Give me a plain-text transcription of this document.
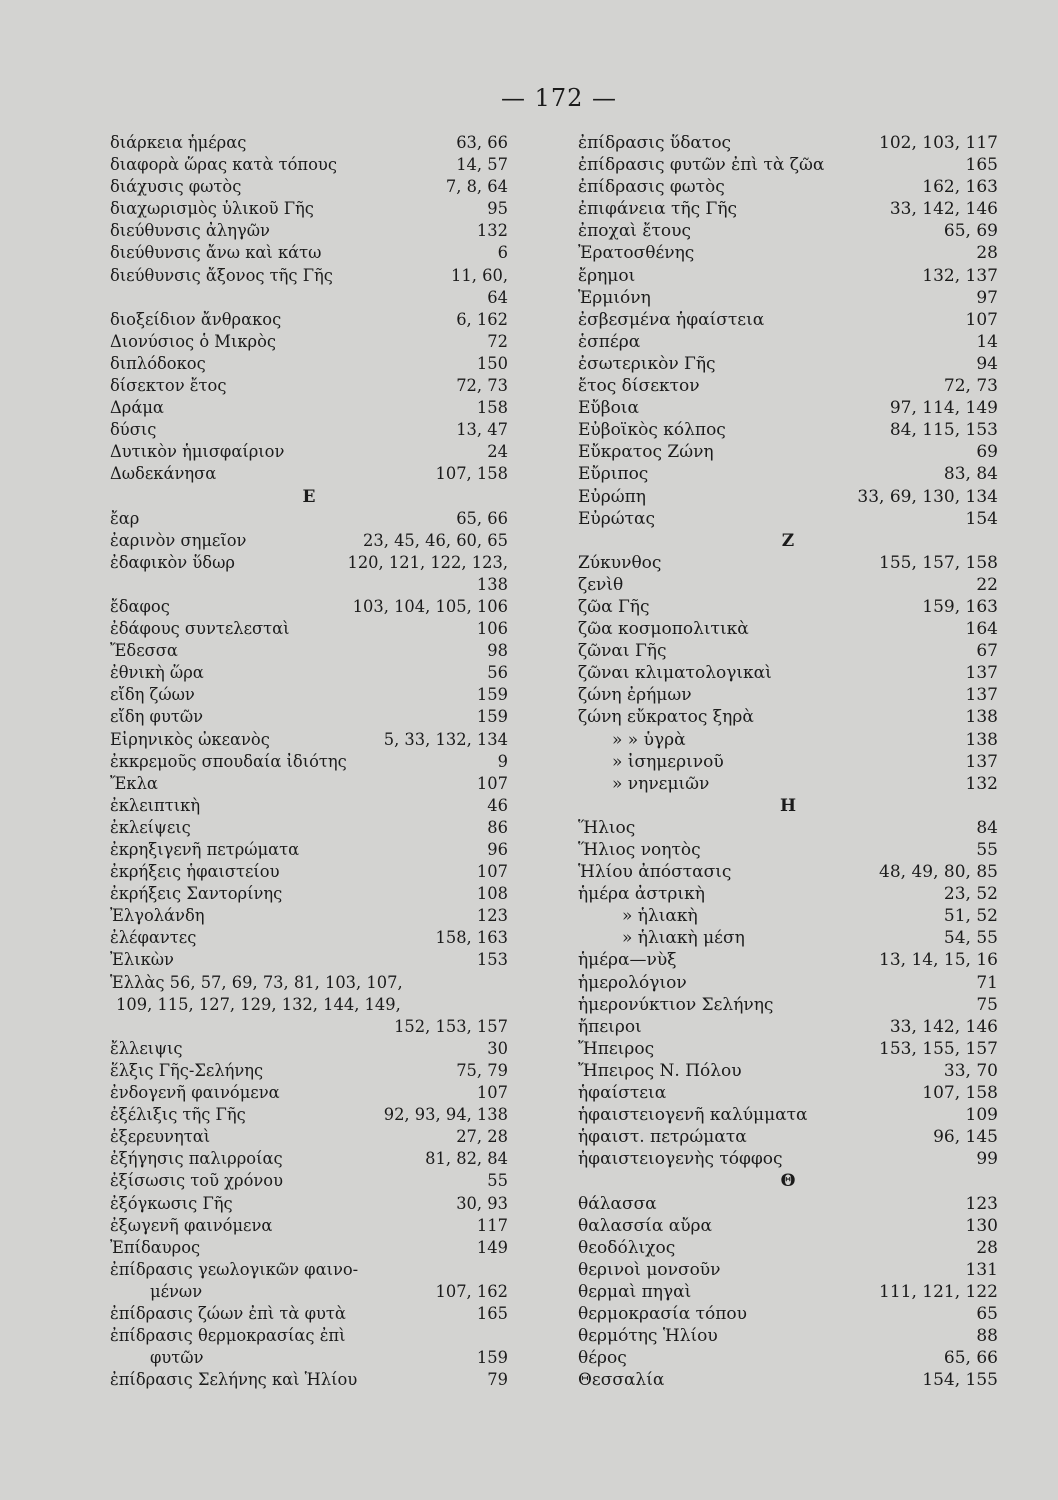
— 172 —
διάρκεια ἡμέρας	63, 66
διαφορὰ ὥρας κατὰ τόπους	14, 57
διάχυσις φωτὸς	7, 8, 64
διαχωρισμὸς ὑλικοῦ Γῆς	95
διεύθυνσις ἀληγῶν	132
διεύθυνσις ἄνω καὶ κάτω	6
διεύθυνσις ἄξονος τῆς Γῆς	11, 60,
64
διοξείδιον ἄνθρακος	6, 162
Διονύσιος ὁ Μικρὸς	72
διπλόδοκος	150
δίσεκτον ἔτος	72, 73
Δράμα	158
δύσις	13, 47
Δυτικὸν ἡμισφαίριον	24
Δωδεκάνησα	107, 158
Ε
ἔαρ	65, 66
ἐαρινὸν σημεῖον	23, 45, 46, 60, 65
ἐδαφικὸν ὕδωρ	120, 121, 122, 123,
138
ἔδαφος	103, 104, 105, 106
ἐδάφους συντελεσταὶ	106
Ἔδεσσα	98
ἐθνικὴ ὥρα	56
εἴδη ζώων	159
εἴδη φυτῶν	159
Εἰρηνικὸς ὠκεανὸς	5, 33, 132, 134
ἐκκρεμοῦς σπουδαία ἰδιότης	9
Ἔκλα	107
ἐκλειπτικὴ	46
ἐκλείψεις	86
ἐκρηξιγενῆ πετρώματα	96
ἐκρήξεις ἡφαιστείου	107
ἐκρήξεις Σαντορίνης	108
Ἐλγολάνδη	123
ἐλέφαντες	158, 163
Ἐλικὼν	153
Ἑλλὰς 56, 57, 69, 73, 81, 103, 107,
109, 115, 127, 129, 132, 144, 149,
152, 153, 157
ἔλλειψις	30
ἕλξις Γῆς-Σελήνης	75, 79
ἐνδογενῆ φαινόμενα	107
ἐξέλιξις τῆς Γῆς	92, 93, 94, 138
ἐξερευνηταὶ	27, 28
ἐξήγησις παλιρροίας	81, 82, 84
ἐξίσωσις τοῦ χρόνου	55
ἐξόγκωσις Γῆς	30, 93
ἐξωγενῆ φαινόμενα	117
Ἐπίδαυρος	149
ἐπίδρασις γεωλογικῶν φαινο-
μένων	107, 162
ἐπίδρασις ζώων ἐπὶ τὰ φυτὰ	165
ἐπίδρασις θερμοκρασίας ἐπὶ
φυτῶν	159
ἐπίδρασις Σελήνης καὶ Ἡλίου	79
ἐπίδρασις ὕδατος	102, 103, 117
ἐπίδρασις φυτῶν ἐπὶ τὰ ζῶα	165
ἐπίδρασις φωτὸς	162, 163
ἐπιφάνεια τῆς Γῆς	33, 142, 146
ἐποχαὶ ἔτους	65, 69
Ἐρατοσθένης	28
ἔρημοι	132, 137
Ἑρμιόνη	97
ἐσβεσμένα ἡφαίστεια	107
ἑσπέρα	14
ἐσωτερικὸν Γῆς	94
ἔτος δίσεκτον	72, 73
Εὔβοια	97, 114, 149
Εὐβοϊκὸς κόλπος	84, 115, 153
Εὔκρατος Ζώνη	69
Εὔριπος	83, 84
Εὐρώπη	33, 69, 130, 134
Εὐρώτας	154
Ζ
Ζύκυνθος	155, 157, 158
ζενὶθ	22
ζῶα Γῆς	159, 163
ζῶα κοσμοπολιτικὰ	164
ζῶναι Γῆς	67
ζῶναι κλιματολογικαὶ	137
ζώνη ἐρήμων	137
ζώνη εὔκρατος ξηρὰ	138
» » ὑγρὰ	138
» ἰσημερινοῦ	137
» νηνεμιῶν	132
Η
Ἥλιος	84
Ἥλιος νοητὸς	55
Ἡλίου ἀπόστασις	48, 49, 80, 85
ἡμέρα ἀστρικὴ	23, 52
» ἡλιακὴ	51, 52
» ἡλιακὴ μέση	54, 55
ἡμέρα—νὺξ	13, 14, 15, 16
ἡμερολόγιον	71
ἡμερονύκτιον Σελήνης	75
ἤπειροι	33, 142, 146
Ἤπειρος	153, 155, 157
Ἤπειρος Ν. Πόλου	33, 70
ἡφαίστεια	107, 158
ἡφαιστειογενῆ καλύμματα	109
ἡφαιστ. πετρώματα	96, 145
ἡφαιστειογενὴς τόφφος	99
Θ
θάλασσα	123
θαλασσία αὔρα	130
θεοδόλιχος	28
θερινοὶ μονσοῦν	131
θερμαὶ πηγαὶ	111, 121, 122
θερμοκρασία τόπου	65
θερμότης Ἡλίου	88
θέρος	65, 66
Θεσσαλία	154, 155
